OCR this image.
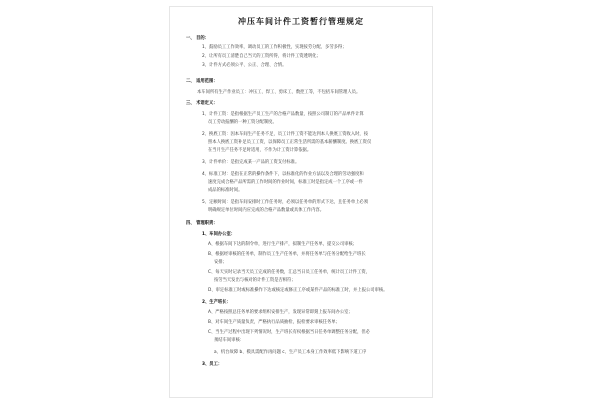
冲压车间计件工资暂行管理规定
一、 目的：
1、鼓励员工工作效率，调动员工的工作积极性，实现按劳分配、多劳多得；
2、让所有员工清楚自己当天的工资所得，将计件工资透明化；
3、计件方式必须公平、公正、合理、合情。
二、 适用范围：
本车间所有生产作业员工：冲压工、焊工、剪床工、数控工等，不包括车间管理人员。
三、 术语定义：
1、计件工资：是指根据生产员工生产的合格产品数量，按照公司制订的产品单件计算
员工劳动报酬的一种工资分配制度。
2、换底工资：因本车间生产任务不足，员工计件工资不能达到本人换底工资收入时，按
照本人换底工资补足员工工资，以保障员工正常生活所需的基本薪酬制度。换底工资仅
在当月生产任务不足时适用，不作为计工资计算依据。
3、计件单价：是指完成某一产品的工资支付标准。
4、标准工时：是指在正常的操作条件下，以标准化的作业方法以及合理的劳动强度和
速度完成合格产品所需的工作时间的作业时间，标准工时是指定成一个工序或一件
成品的标准时间。
5、定额时间：是指车间安排时工作任务时，必须以任务单的形式下达，且任务单上必须
明确规定单位时间内应完成的合格产品数量或具体工作内容。
四、 管理职责：
1、车间办公室：
A、根据车间下达的制令单，进行生产排产，拟制生产任务单，提交公司审核；
B、根据经审核的任务单，制作员工生产任务单，并将任务单与任务分配给生产班长
安排；
C、每天实时记录当天员工完成的任务数，汇总当日员工任务单，统计员工计件工资，
按劳当天发出与核对的计件工资是否相符；
D、审定标准工时或标准操作下达或核定或修正工序或某件产品的标准工时，并上报公司审核。
2、生产班长：
A、严格按照总任务单的要求组织安排生产，发现异常即刻上报车间办公室；
B、对车间生产质量负责，严格执行品质抽检，报检要求审核任务单；
C、当生产过程中出现下列情况时，生产班长有权根据当日任务单调整任务分配，但必
须结车间审核：
a、机台故障 b、模具需配作再问题 c、生产员工本身工作效率低下影响下道工序
3、员工：
